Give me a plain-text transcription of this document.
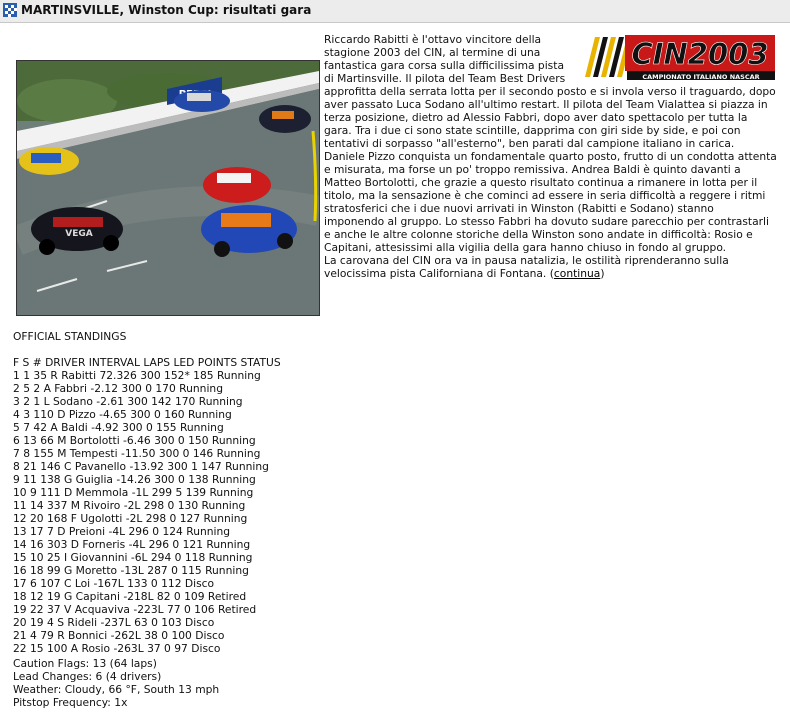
MARTINSVILLE, Winston Cup: risultati gara
CIN2003
CAMPIONATO ITALIANO NASCAR
VEGA

Riccardo Rabitti è l'ottavo vincitore della stagione 2003 del CIN, al termine di una fantastica gara corsa sulla difficilissima pista di Martinsville. Il pilota del Team Best Drivers approfitta della serrata lotta per il secondo posto e si invola verso il traguardo, dopo aver passato Luca Sodano all'ultimo restart. Il pilota del Team Vialattea si piazza in terza posizione, dietro ad Alessio Fabbri, dopo aver dato spettacolo per tutta la gara. Tra i due ci sono state scintille, dapprima con giri side by side, e poi con tentativi di sorpasso "all'esterno", ben parati dal campione italiano in carica. Daniele Pizzo conquista un fondamentale quarto posto, frutto di un condotta attenta e misurata, ma forse un po' troppo remissiva. Andrea Baldi è quinto davanti a Matteo Bortolotti, che grazie a questo risultato continua a rimanere in lotta per il titolo, ma la sensazione è che cominci ad essere in seria difficoltà a reggere i ritmi stratosferici che i due nuovi arrivati in Winston (Rabitti e Sodano) stanno imponendo al gruppo. Lo stesso Fabbri ha dovuto sudare parecchio per contrastarli e anche le altre colonne storiche della Winston sono andate in difficoltà: Rosio e Capitani, attesissimi alla vigilia della gara hanno chiuso in fondo al gruppo.

La carovana del CIN ora va in pausa natalizia, le ostilità riprenderanno sulla velocissima pista Californiana di Fontana. (continua)

OFFICIAL STANDINGS
F S # DRIVER INTERVAL LAPS LED POINTS STATUS
1 1 35 R Rabitti 72.326 300 152* 185 Running
2 5 2 A Fabbri -2.12 300 0 170 Running
3 2 1 L Sodano -2.61 300 142 170 Running
4 3 110 D Pizzo -4.65 300 0 160 Running
5 7 42 A Baldi -4.92 300 0 155 Running
6 13 66 M Bortolotti -6.46 300 0 150 Running
7 8 155 M Tempesti -11.50 300 0 146 Running
8 21 146 C Pavanello -13.92 300 1 147 Running
9 11 138 G Guiglia -14.26 300 0 138 Running
10 9 111 D Memmola -1L 299 5 139 Running
11 14 337 M Rivoiro -2L 298 0 130 Running
12 20 168 F Ugolotti -2L 298 0 127 Running
13 17 7 D Preioni -4L 296 0 124 Running
14 16 303 D Forneris -4L 296 0 121 Running
15 10 25 I Giovannini -6L 294 0 118 Running
16 18 99 G Moretto -13L 287 0 115 Running
17 6 107 C Loi -167L 133 0 112 Disco
18 12 19 G Capitani -218L 82 0 109 Retired
19 22 37 V Acquaviva -223L 77 0 106 Retired
20 19 4 S Rideli -237L 63 0 103 Disco
21 4 79 R Bonnici -262L 38 0 100 Disco
22 15 100 A Rosio -263L 37 0 97 Disco
Caution Flags: 13 (64 laps)
Lead Changes: 6 (4 drivers)
Weather: Cloudy, 66 °F, South 13 mph
Pitstop Frequency: 1x
